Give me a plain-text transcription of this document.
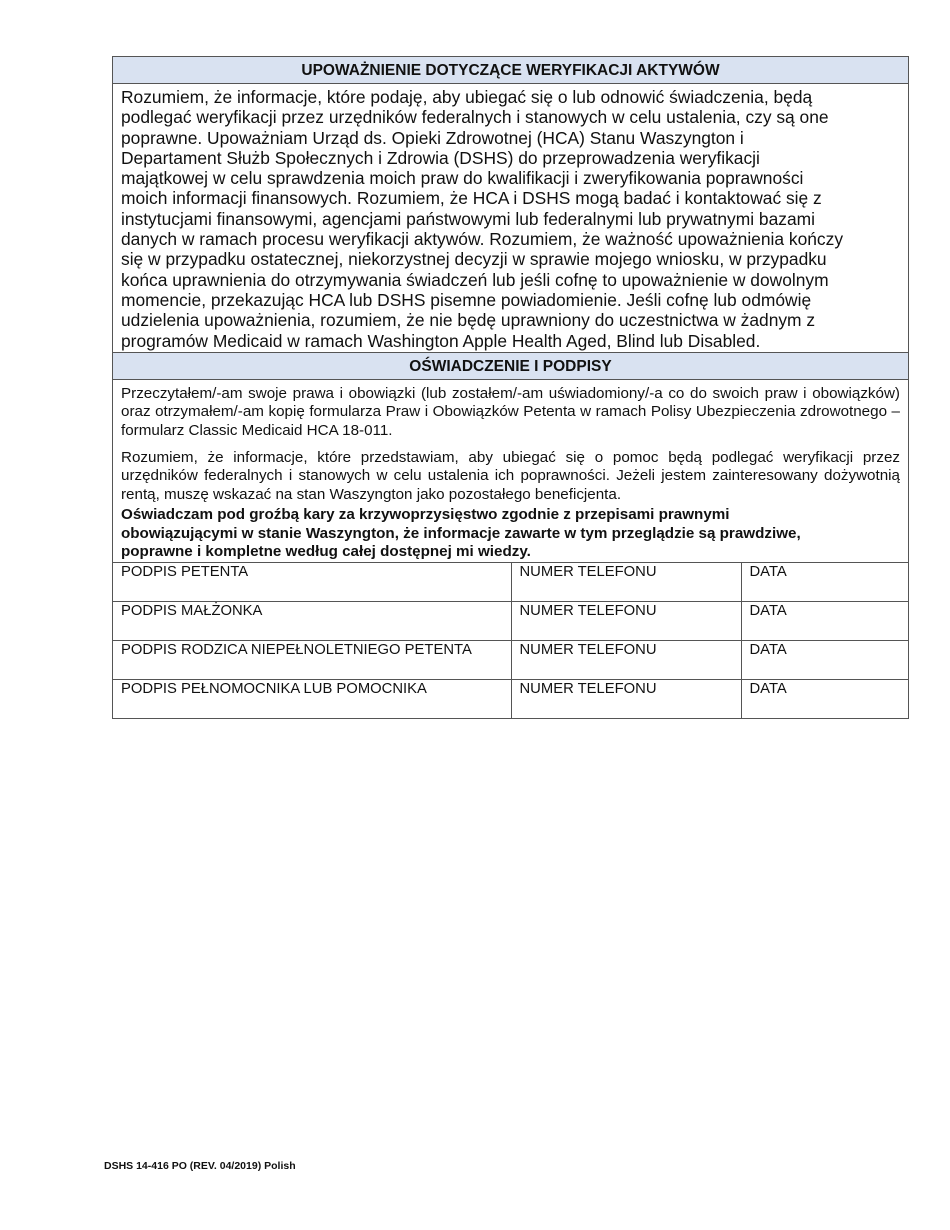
UPOWAŻNIENIE DOTYCZĄCE WERYFIKACJI AKTYWÓW
Rozumiem, że informacje, które podaję, aby ubiegać się o lub odnowić świadczenia, będą
podlegać weryfikacji przez urzędników federalnych i stanowych w celu ustalenia, czy są one
poprawne. Upoważniam Urząd ds. Opieki Zdrowotnej (HCA) Stanu Waszyngton i
Departament Służb Społecznych i Zdrowia (DSHS) do przeprowadzenia weryfikacji
majątkowej w celu sprawdzenia moich praw do kwalifikacji i zweryfikowania poprawności
moich informacji finansowych. Rozumiem, że HCA i DSHS mogą badać i kontaktować się z
instytucjami finansowymi, agencjami państwowymi lub federalnymi lub prywatnymi bazami
danych w ramach procesu weryfikacji aktywów. Rozumiem, że ważność upoważnienia kończy
się w przypadku ostatecznej, niekorzystnej decyzji w sprawie mojego wniosku, w przypadku
końca uprawnienia do otrzymywania świadczeń lub jeśli cofnę to upoważnienie w dowolnym
momencie, przekazując HCA lub DSHS pisemne powiadomienie. Jeśli cofnę lub odmówię
udzielenia upoważnienia, rozumiem, że nie będę uprawniony do uczestnictwa w żadnym z
programów Medicaid w ramach Washington Apple Health Aged, Blind lub Disabled.
OŚWIADCZENIE I PODPISY

Przeczytałem/-am swoje prawa i obowiązki (lub zostałem/-am uświadomiony/-a co do swoich praw i obowiązków) oraz otrzymałem/-am kopię formularza Praw i Obowiązków Petenta w ramach Polisy Ubezpieczenia zdrowotnego – formularz Classic Medicaid HCA 18-011.

Rozumiem, że informacje, które przedstawiam, aby ubiegać się o pomoc będą podlegać weryfikacji przez urzędników federalnych i stanowych w celu ustalenia ich poprawności. Jeżeli jestem zainteresowany dożywotnią rentą, muszę wskazać na stan Waszyngton jako pozostałego beneficjenta.

Oświadczam pod groźbą kary za krzywoprzysięstwo zgodnie z przepisami prawnymi
obowiązującymi w stanie Waszyngton, że informacje zawarte w tym przeglądzie są prawdziwe,
poprawne i kompletne według całej dostępnej mi wiedzy.
PODPIS PETENTA	NUMER TELEFONU	DATA
PODPIS MAŁŻONKA	NUMER TELEFONU	DATA
PODPIS RODZICA NIEPEŁNOLETNIEGO PETENTA	NUMER TELEFONU	DATA
PODPIS PEŁNOMOCNIKA LUB POMOCNIKA	NUMER TELEFONU	DATA
DSHS 14-416 PO (REV. 04/2019) Polish
